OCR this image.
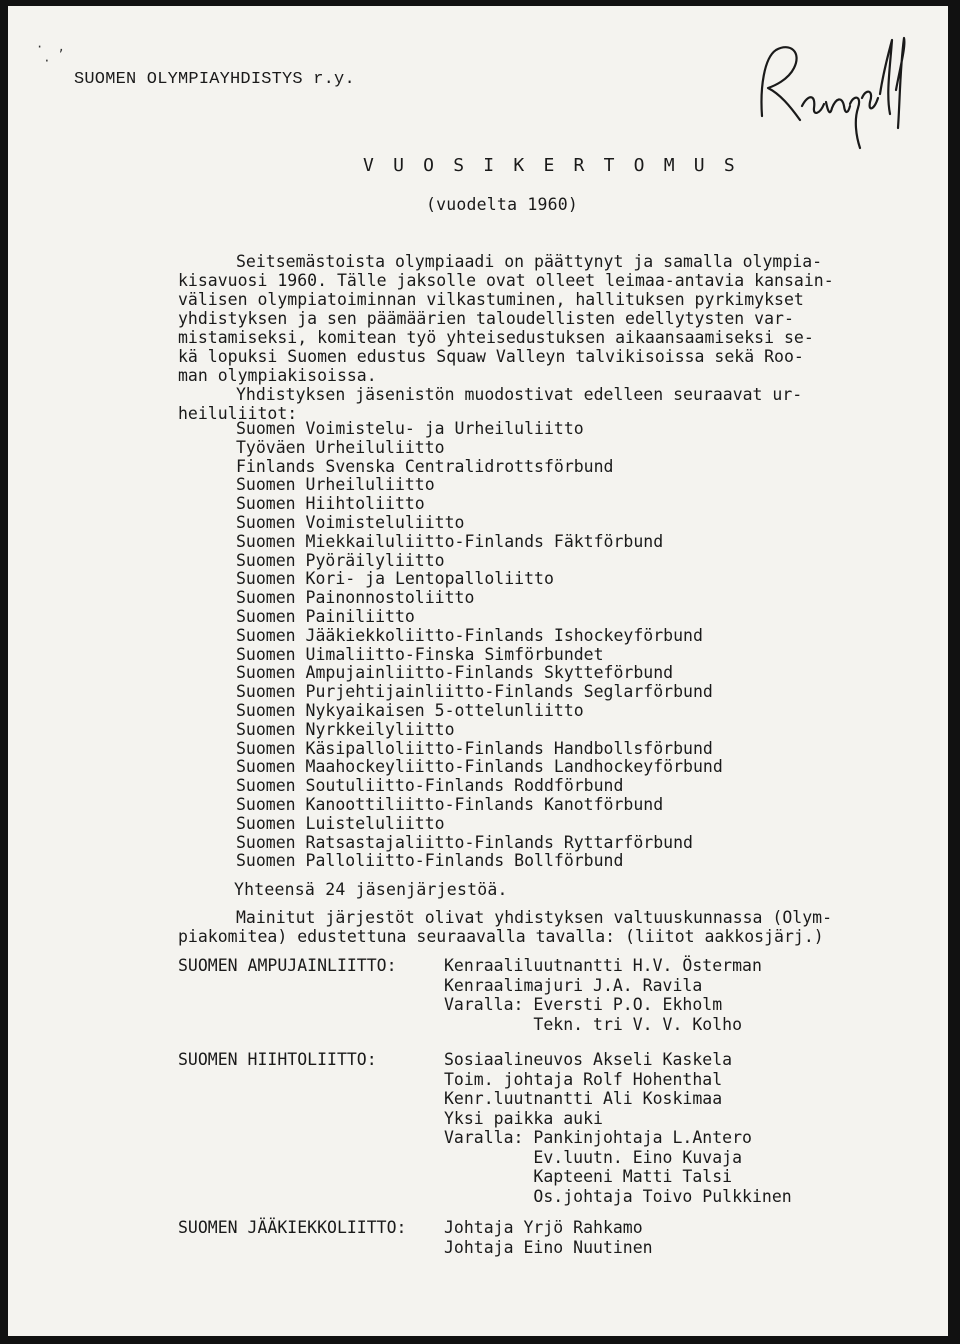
·  ,
·
SUOMEN OLYMPIAYHDISTYS r.y.
V U O S I K E R T O M U S
(vuodelta 1960)
Seitsemästoista olympiaadi on päättynyt ja samalla olympia-
kisavuosi 1960. Tälle jaksolle ovat olleet leimaa-antavia kansain-
välisen olympiatoiminnan vilkastuminen, hallituksen pyrkimykset
yhdistyksen ja sen päämäärien taloudellisten edellytysten var-
mistamiseksi, komitean työ yhteisedustuksen aikaansaamiseksi se-
kä lopuksi Suomen edustus Squaw Valleyn talvikisoissa sekä Roo-
man olympiakisoissa.
Yhdistyksen jäsenistön muodostivat edelleen seuraavat ur-
heiluliitot:
Suomen Voimistelu- ja Urheiluliitto
Työväen Urheiluliitto
Finlands Svenska Centralidrottsförbund
Suomen Urheiluliitto
Suomen Hiihtoliitto
Suomen Voimisteluliitto
Suomen Miekkailuliitto-Finlands Fäktförbund
Suomen Pyöräilyliitto
Suomen Kori- ja Lentopalloliitto
Suomen Painonnostoliitto
Suomen Painiliitto
Suomen Jääkiekkoliitto-Finlands Ishockeyförbund
Suomen Uimaliitto-Finska Simförbundet
Suomen Ampujainliitto-Finlands Skytteförbund
Suomen Purjehtijainliitto-Finlands Seglarförbund
Suomen Nykyaikaisen 5-ottelunliitto
Suomen Nyrkkeilyliitto
Suomen Käsipalloliitto-Finlands Handbollsförbund
Suomen Maahockeyliitto-Finlands Landhockeyförbund
Suomen Soutuliitto-Finlands Roddförbund
Suomen Kanoottiliitto-Finlands Kanotförbund
Suomen Luisteluliitto
Suomen Ratsastajaliitto-Finlands Ryttarförbund
Suomen Palloliitto-Finlands Bollförbund
Yhteensä 24 jäsenjärjestöä.
Mainitut järjestöt olivat yhdistyksen valtuuskunnassa (Olym-
piakomitea) edustettuna seuraavalla tavalla: (liitot aakkosjärj.)
SUOMEN AMPUJAINLIITTO:	Kenraaliluutnantti H.V. Österman
Kenraalimajuri J.A. Ravila
Varalla: Eversti P.O. Ekholm
Tekn. tri V. V. Kolho
SUOMEN HIIHTOLIITTO:	Sosiaalineuvos Akseli Kaskela
Toim. johtaja Rolf Hohenthal
Kenr.luutnantti Ali Koskimaa
Yksi paikka auki
Varalla: Pankinjohtaja L.Antero
Ev.luutn. Eino Kuvaja
Kapteeni Matti Talsi
Os.johtaja Toivo Pulkkinen
SUOMEN JÄÄKIEKKOLIITTO: Johtaja Yrjö Rahkamo
Johtaja Eino Nuutinen
